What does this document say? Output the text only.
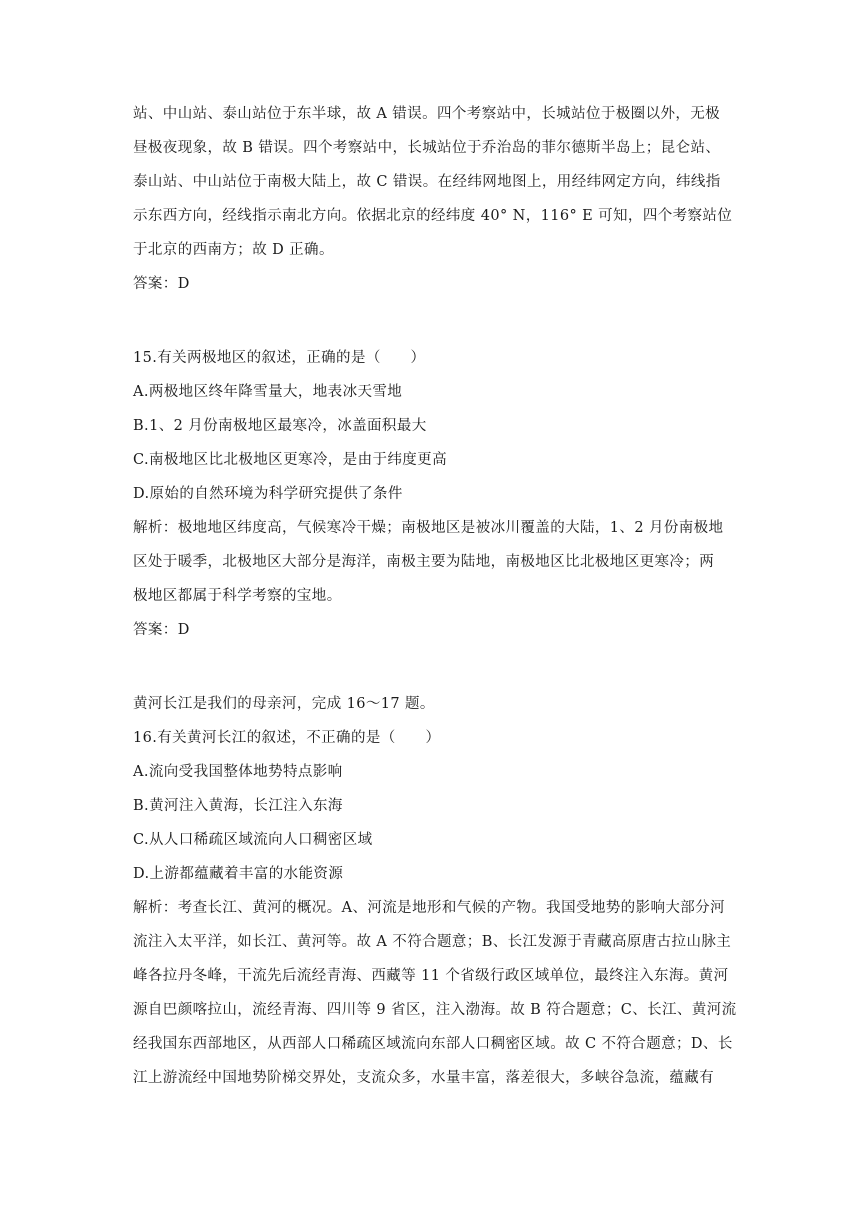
站、中山站、泰山站位于东半球，故 A 错误。四个考察站中，长城站位于极圈以外，无极
昼极夜现象，故 B 错误。四个考察站中，长城站位于乔治岛的菲尔德斯半岛上；昆仑站、
泰山站、中山站位于南极大陆上，故 C 错误。在经纬网地图上，用经纬网定方向，纬线指
示东西方向，经线指示南北方向。依据北京的经纬度 40° N，116° E 可知，四个考察站位
于北京的西南方；故 D 正确。
答案：D
15.有关两极地区的叙述，正确的是（　　）
A.两极地区终年降雪量大，地表冰天雪地
B.1、2 月份南极地区最寒冷，冰盖面积最大
C.南极地区比北极地区更寒冷，是由于纬度更高
D.原始的自然环境为科学研究提供了条件
解析：极地地区纬度高，气候寒冷干燥；南极地区是被冰川覆盖的大陆，1、2 月份南极地
区处于暖季，北极地区大部分是海洋，南极主要为陆地，南极地区比北极地区更寒冷；两
极地区都属于科学考察的宝地。
答案：D
黄河长江是我们的母亲河，完成 16～17 题。
16.有关黄河长江的叙述，不正确的是（　　）
A.流向受我国整体地势特点影响
B.黄河注入黄海，长江注入东海
C.从人口稀疏区域流向人口稠密区域
D.上游都蕴藏着丰富的水能资源
解析：考查长江、黄河的概况。A、河流是地形和气候的产物。我国受地势的影响大部分河
流注入太平洋，如长江、黄河等。故 A 不符合题意；B、长江发源于青藏高原唐古拉山脉主
峰各拉丹冬峰，干流先后流经青海、西藏等 11 个省级行政区域单位，最终注入东海。黄河
源自巴颜喀拉山，流经青海、四川等 9 省区，注入渤海。故 B 符合题意；C、长江、黄河流
经我国东西部地区，从西部人口稀疏区域流向东部人口稠密区域。故 C 不符合题意；D、长
江上游流经中国地势阶梯交界处，支流众多，水量丰富，落差很大，多峡谷急流，蕴藏有
